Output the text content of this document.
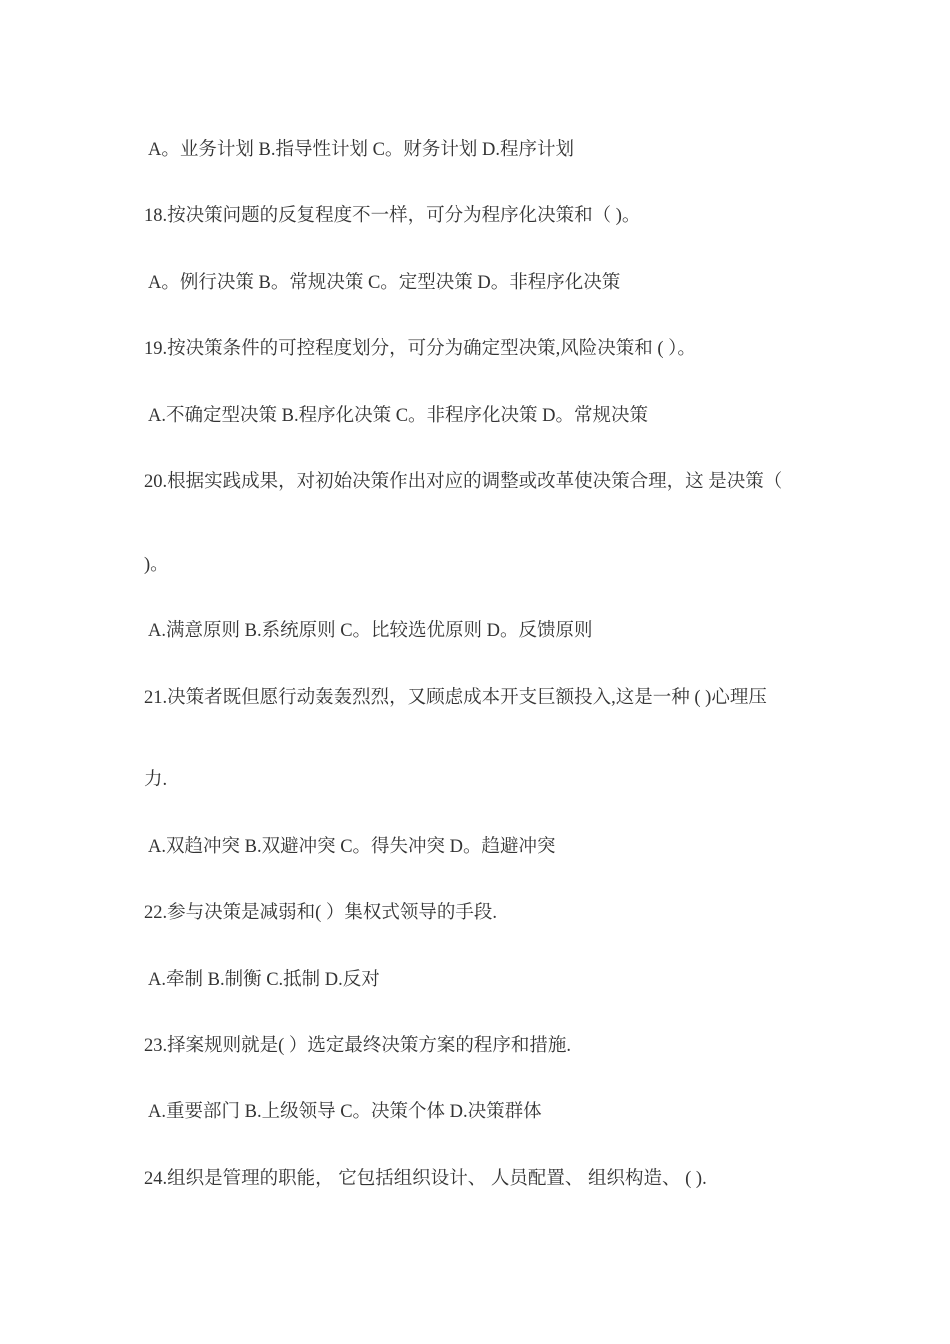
A。业务计划 B.指导性计划 C。财务计划 D.程序计划
18.按决策问题的反复程度不一样，可分为程序化决策和（ )。
A。例行决策 B。常规决策 C。定型决策 D。非程序化决策
19.按决策条件的可控程度划分，可分为确定型决策,风险决策和 ( ）。
A.不确定型决策 B.程序化决策 C。非程序化决策 D。常规决策
20.根据实践成果，对初始决策作出对应的调整或改革使决策合理，这 是决策（
)。
A.满意原则 B.系统原则 C。比较选优原则 D。反馈原则
21.决策者既但愿行动轰轰烈烈，又顾虑成本开支巨额投入,这是一种 ( )心理压
力.
A.双趋冲突 B.双避冲突 C。得失冲突 D。趋避冲突
22.参与决策是减弱和( ）集权式领导的手段.
A.牵制 B.制衡 C.抵制 D.反对
23.择案规则就是( ）选定最终决策方案的程序和措施.
A.重要部门 B.上级领导 C。决策个体 D.决策群体
24.组织是管理的职能， 它包括组织设计、 人员配置、 组织构造、 ( ).
